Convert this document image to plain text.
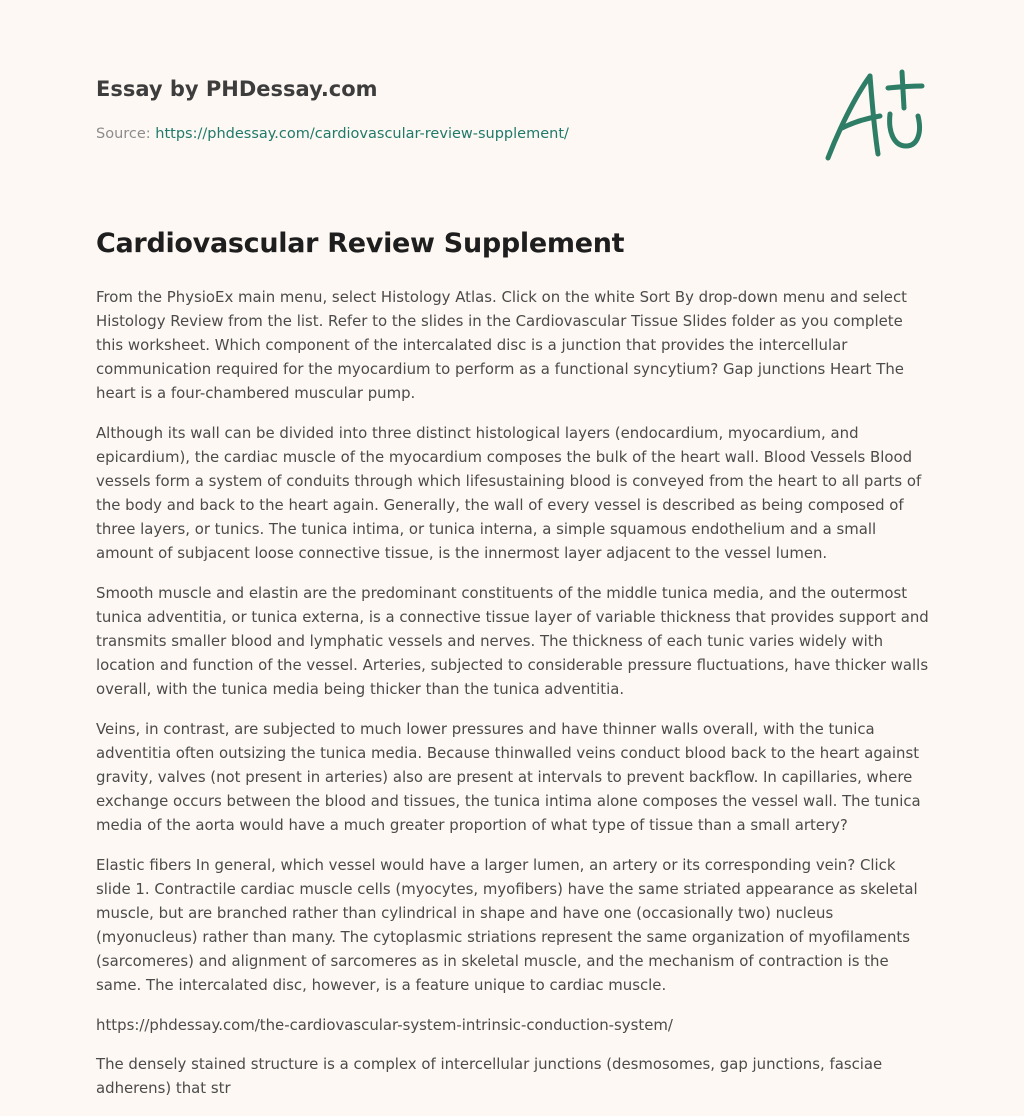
Essay by PHDessay.com
Source: https://phdessay.com/cardiovascular-review-supplement/
Cardiovascular Review Supplement

From the PhysioEx main menu, select Histology Atlas. Click on the white Sort By drop-down menu and select Histology Review from the list. Refer to the slides in the Cardiovascular Tissue Slides folder as you complete this worksheet. Which component of the intercalated disc is a junction that provides the intercellular communication required for the myocardium to perform as a functional syncytium? Gap junctions Heart The heart is a four-chambered muscular pump.

Although its wall can be divided into three distinct histological layers (endocardium, myocardium, and epicardium), the cardiac muscle of the myocardium composes the bulk of the heart wall. Blood Vessels Blood vessels form a system of conduits through which lifesustaining blood is conveyed from the heart to all parts of the body and back to the heart again. Generally, the wall of every vessel is described as being composed of three layers, or tunics. The tunica intima, or tunica interna, a simple squamous endothelium and a small amount of subjacent loose connective tissue, is the innermost layer adjacent to the vessel lumen.

Smooth muscle and elastin are the predominant constituents of the middle tunica media, and the outermost tunica adventitia, or tunica externa, is a connective tissue layer of variable thickness that provides support and transmits smaller blood and lymphatic vessels and nerves. The thickness of each tunic varies widely with location and function of the vessel. Arteries, subjected to considerable pressure fluctuations, have thicker walls overall, with the tunica media being thicker than the tunica adventitia.

Veins, in contrast, are subjected to much lower pressures and have thinner walls overall, with the tunica adventitia often outsizing the tunica media. Because thinwalled veins conduct blood back to the heart against gravity, valves (not present in arteries) also are present at intervals to prevent backflow. In capillaries, where exchange occurs between the blood and tissues, the tunica intima alone composes the vessel wall. The tunica media of the aorta would have a much greater proportion of what type of tissue than a small artery?

Elastic fibers In general, which vessel would have a larger lumen, an artery or its corresponding vein? Click slide 1. Contractile cardiac muscle cells (myocytes, myofibers) have the same striated appearance as skeletal muscle, but are branched rather than cylindrical in shape and have one (occasionally two) nucleus (myonucleus) rather than many. The cytoplasmic striations represent the same organization of myofilaments (sarcomeres) and alignment of sarcomeres as in skeletal muscle, and the mechanism of contraction is the same. The intercalated disc, however, is a feature unique to cardiac muscle.

https://phdessay.com/the-cardiovascular-system-intrinsic-conduction-system/

The densely stained structure is a complex of intercellular junctions (desmosomes, gap junctions, fasciae adherens) that str
